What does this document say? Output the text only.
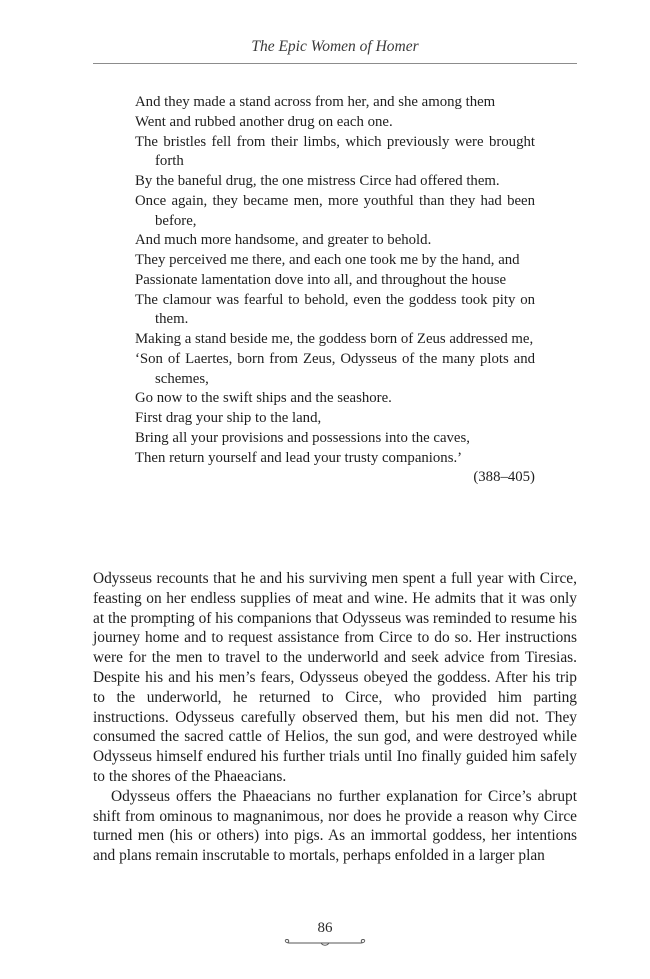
The Epic Women of Homer
And they made a stand across from her, and she among them
Went and rubbed another drug on each one.
The bristles fell from their limbs, which previously were brought forth
By the baneful drug, the one mistress Circe had offered them.
Once again, they became men, more youthful than they had been before,
And much more handsome, and greater to behold.
They perceived me there, and each one took me by the hand, and
Passionate lamentation dove into all, and throughout the house
The clamour was fearful to behold, even the goddess took pity on them.
Making a stand beside me, the goddess born of Zeus addressed me,
‘Son of Laertes, born from Zeus, Odysseus of the many plots and schemes,
Go now to the swift ships and the seashore.
First drag your ship to the land,
Bring all your provisions and possessions into the caves,
Then return yourself and lead your trusty companions.’
(388–405)

Odysseus recounts that he and his surviving men spent a full year with Circe, feasting on her endless supplies of meat and wine. He admits that it was only at the prompting of his companions that Odysseus was reminded to resume his journey home and to request assistance from Circe to do so. Her instructions were for the men to travel to the underworld and seek advice from Tiresias. Despite his and his men’s fears, Odysseus obeyed the goddess. After his trip to the underworld, he returned to Circe, who provided him parting instructions. Odysseus carefully observed them, but his men did not. They consumed the sacred cattle of Helios, the sun god, and were destroyed while Odysseus himself endured his further trials until Ino finally guided him safely to the shores of the Phaeacians.

Odysseus offers the Phaeacians no further explanation for Circe’s abrupt shift from ominous to magnanimous, nor does he provide a reason why Circe turned men (his or others) into pigs. As an immortal goddess, her intentions and plans remain inscrutable to mortals, perhaps enfolded in a larger plan

86
